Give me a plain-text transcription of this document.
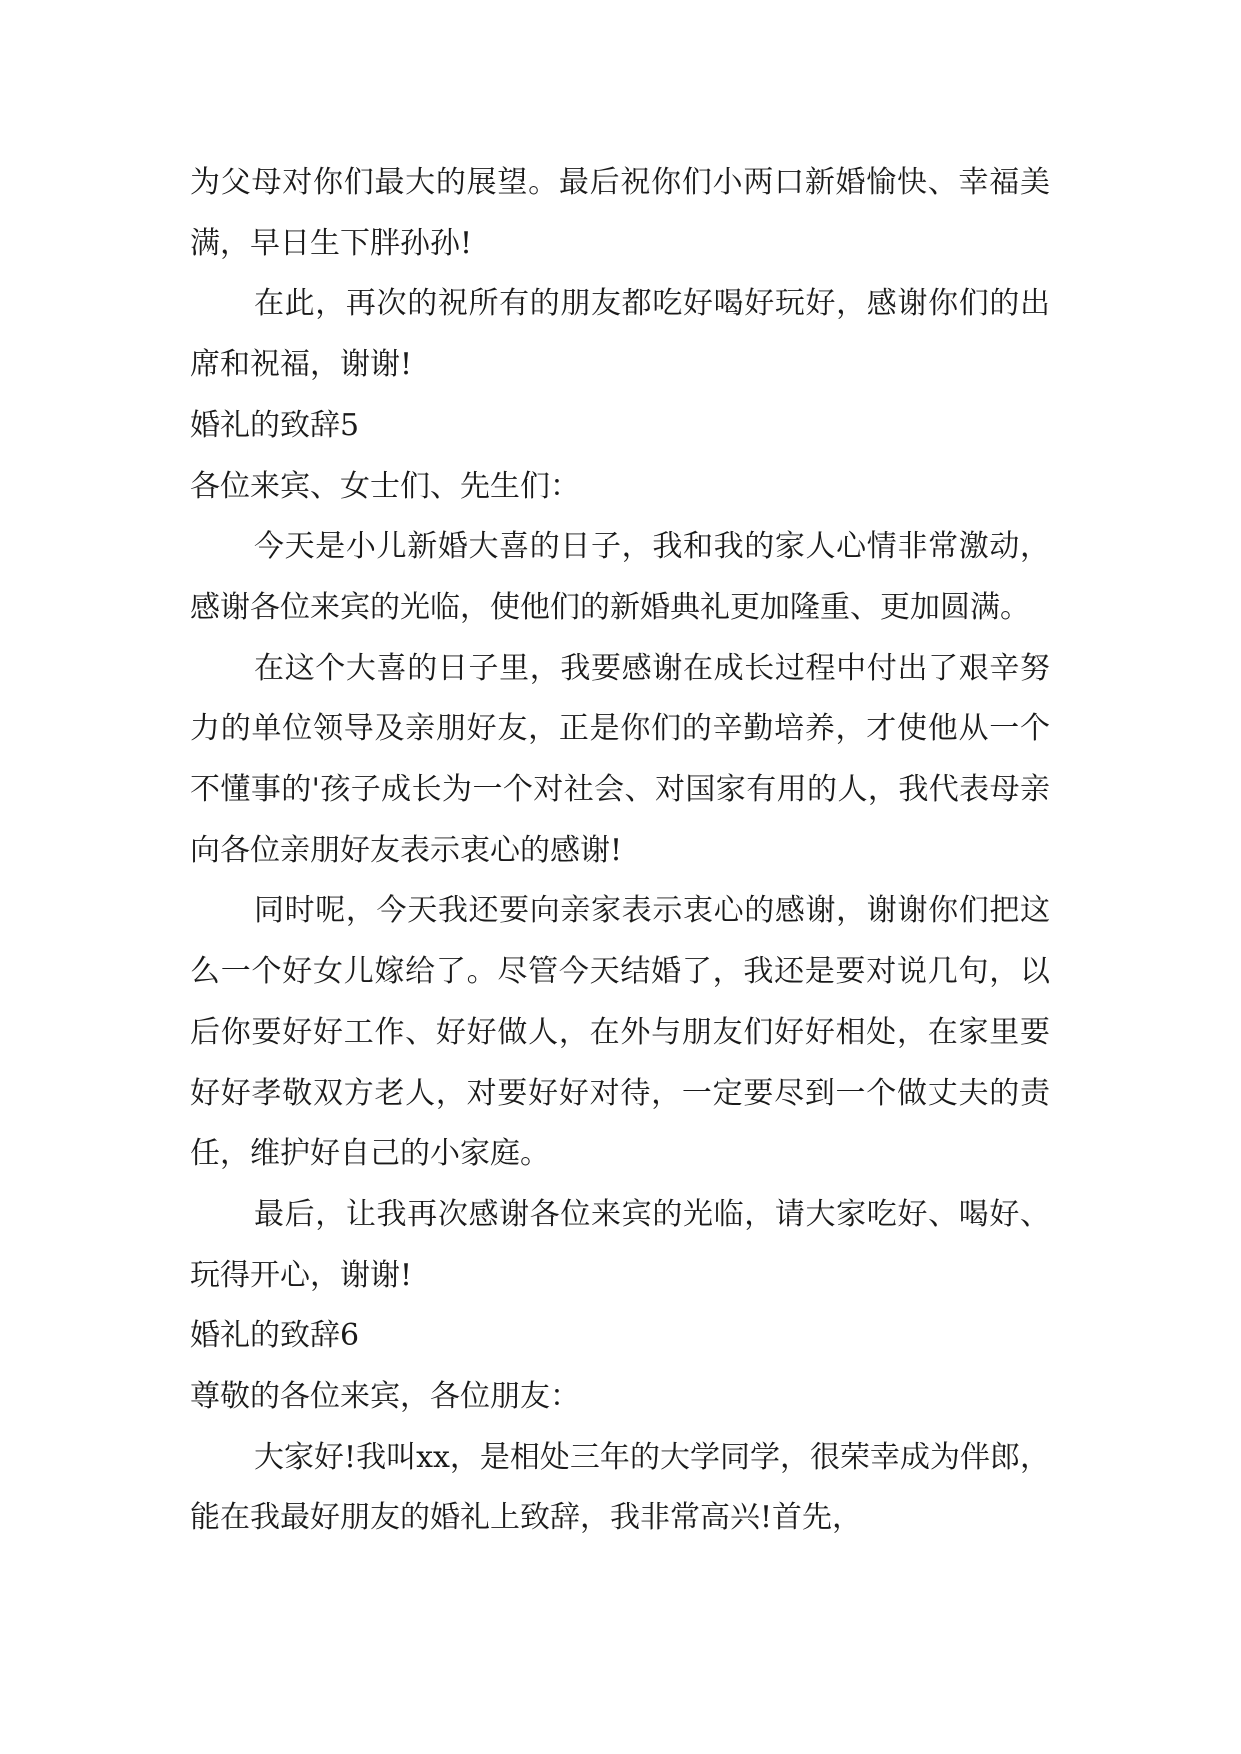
为父母对你们最大的展望。最后祝你们小两口新婚愉快、幸福美满，早日生下胖孙孙!

在此，再次的祝所有的朋友都吃好喝好玩好，感谢你们的出席和祝福，谢谢!

婚礼的致辞5

各位来宾、女士们、先生们：

今天是小儿新婚大喜的日子，我和我的家人心情非常激动，感谢各位来宾的光临，使他们的新婚典礼更加隆重、更加圆满。

在这个大喜的日子里，我要感谢在成长过程中付出了艰辛努力的单位领导及亲朋好友，正是你们的辛勤培养，才使他从一个不懂事的'孩子成长为一个对社会、对国家有用的人，我代表母亲向各位亲朋好友表示衷心的感谢!

同时呢，今天我还要向亲家表示衷心的感谢，谢谢你们把这么一个好女儿嫁给了。尽管今天结婚了，我还是要对说几句，以后你要好好工作、好好做人，在外与朋友们好好相处，在家里要好好孝敬双方老人，对要好好对待，一定要尽到一个做丈夫的责任，维护好自己的小家庭。

最后，让我再次感谢各位来宾的光临，请大家吃好、喝好、玩得开心，谢谢!

婚礼的致辞6

尊敬的各位来宾，各位朋友：

大家好!我叫xx，是相处三年的大学同学，很荣幸成为伴郎，能在我最好朋友的婚礼上致辞，我非常高兴!首先，
